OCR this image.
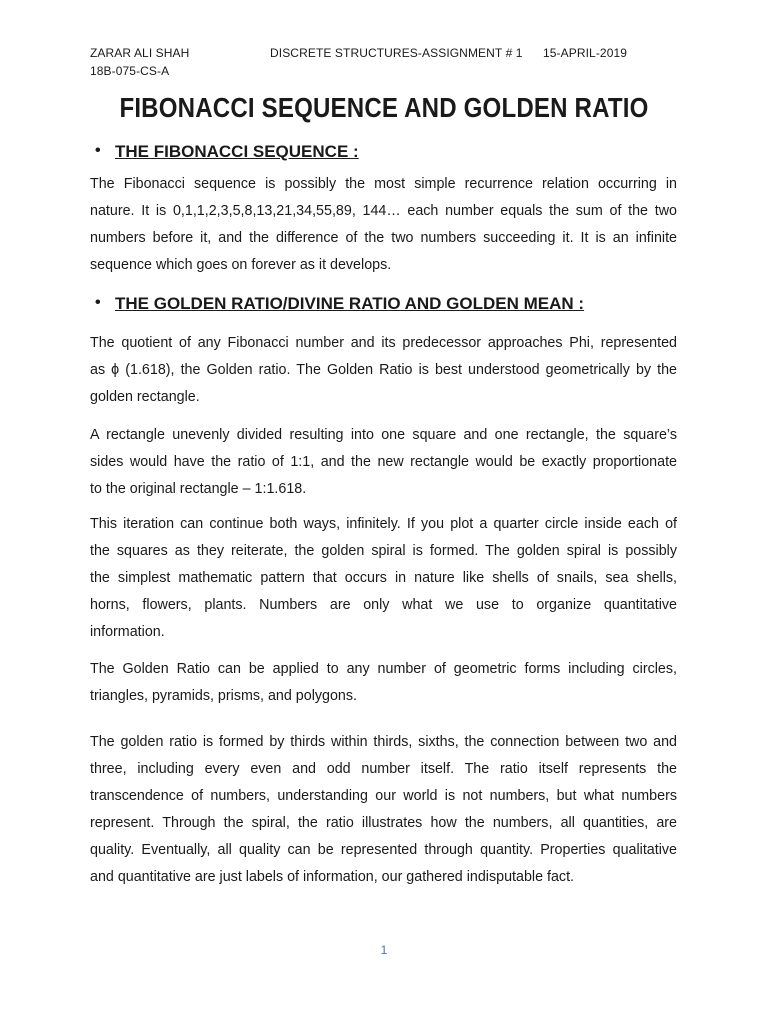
ZARAR ALI SHAH
18B-075-CS-A
DISCRETE STRUCTURES-ASSIGNMENT # 1 15-APRIL-2019
FIBONACCI SEQUENCE AND GOLDEN RATIO
• THE FIBONACCI SEQUENCE :
The Fibonacci sequence is possibly the most simple recurrence relation occurring in
nature. It is 0,1,1,2,3,5,8,13,21,34,55,89, 144… each number equals the sum of the two
numbers before it, and the difference of the two numbers succeeding it. It is an infinite
sequence which goes on forever as it develops.
• THE GOLDEN RATIO/DIVINE RATIO AND GOLDEN MEAN :
The quotient of any Fibonacci number and its predecessor approaches Phi, represented
as ϕ (1.618), the Golden ratio. The Golden Ratio is best understood geometrically by the
golden rectangle.
A rectangle unevenly divided resulting into one square and one rectangle, the square’s
sides would have the ratio of 1:1, and the new rectangle would be exactly proportionate
to the original rectangle – 1:1.618.
This iteration can continue both ways, infinitely. If you plot a quarter circle inside each of
the squares as they reiterate, the golden spiral is formed. The golden spiral is possibly
the simplest mathematic pattern that occurs in nature like shells of snails, sea shells,
horns, flowers, plants. Numbers are only what we use to organize quantitative
information.
The Golden Ratio can be applied to any number of geometric forms including circles,
triangles, pyramids, prisms, and polygons.
The golden ratio is formed by thirds within thirds, sixths, the connection between two and
three, including every even and odd number itself. The ratio itself represents the
transcendence of numbers, understanding our world is not numbers, but what numbers
represent. Through the spiral, the ratio illustrates how the numbers, all quantities, are
quality. Eventually, all quality can be represented through quantity. Properties qualitative
and quantitative are just labels of information, our gathered indisputable fact.
1
